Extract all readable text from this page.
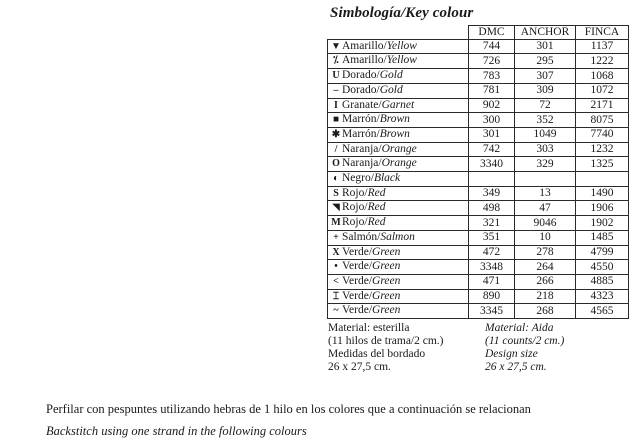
Simbología/Key colour
	DMC	ANCHOR	FINCA
▼Amarillo/Yellow	744	301	1137
⁒ Amarillo/Yellow	726	295	1222
U Dorado/Gold	783	307	1068
– Dorado/Gold	781	309	1072
I Granate/Garnet	902	72	2171
■ Marrón/Brown	300	352	8075
✱ Marrón/Brown	301	1049	7740
/ Naranja/Orange	742	303	1232
O Naranja/Orange	3340	329	1325
◐ Negro/Black			
S Rojo/Red	349	13	1490
◥ Rojo/Red	498	47	1906
MRojo/Red	321	9046	1902
+ Salmón/Salmon	351	10	1485
X Verde/Green	472	278	4799
• Verde/Green	3348	264	4550
< Verde/Green	471	266	4885
⌶ Verde/Green	890	218	4323
~ Verde/Green	3345	268	4565
Material: esterilla
(11 hilos de trama/2 cm.)
Medidas del bordado
26 x 27,5 cm.
Material: Aida
(11 counts/2 cm.)
Design size
26 x 27,5 cm.
Perfilar con pespuntes utilizando hebras de 1 hilo en los colores que a continuación se relacionan
Backstitch using one strand in the following colours
